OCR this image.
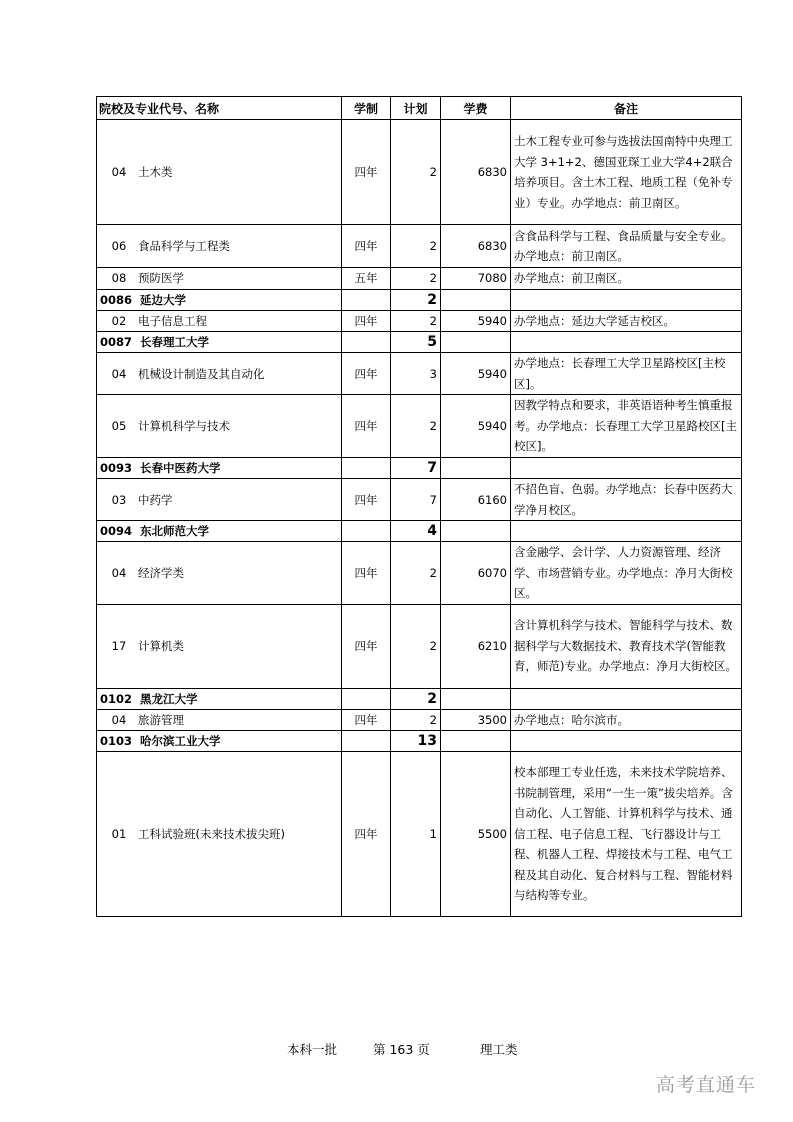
院校及专业代号、名称	学制	计划	学费	备注
04 土木类	四年	2	6830	土木工程专业可参与选拔法国南特中央理工大学 3+1+2、德国亚琛工业大学4+2联合培养项目。含土木工程、地质工程（免补专业）专业。办学地点：前卫南区。
06 食品科学与工程类	四年	2	6830	含食品科学与工程、食品质量与安全专业。办学地点：前卫南区。
08 预防医学	五年	2	7080	办学地点：前卫南区。
0086 延边大学		2		
02 电子信息工程	四年	2	5940	办学地点：延边大学延吉校区。
0087 长春理工大学		5		
04 机械设计制造及其自动化	四年	3	5940	办学地点：长春理工大学卫星路校区[主校区]。
05 计算机科学与技术	四年	2	5940	因教学特点和要求，非英语语种考生慎重报考。办学地点：长春理工大学卫星路校区[主校区]。
0093 长春中医药大学		7		
03 中药学	四年	7	6160	不招色盲、色弱。办学地点：长春中医药大学净月校区。
0094 东北师范大学		4		
04 经济学类	四年	2	6070	含金融学、会计学、人力资源管理、经济学、市场营销专业。办学地点：净月大街校区。
17 计算机类	四年	2	6210	含计算机科学与技术、智能科学与技术、数据科学与大数据技术、教育技术学(智能教育，师范)专业。办学地点：净月大街校区。
0102 黑龙江大学		2		
04 旅游管理	四年	2	3500	办学地点：哈尔滨市。
0103 哈尔滨工业大学		13		
01 工科试验班(未来技术拔尖班)	四年	1	5500	校本部理工专业任选，未来技术学院培养、书院制管理，采用“一生一策”拔尖培养。含自动化、人工智能、计算机科学与技术、通信工程、电子信息工程、飞行器设计与工程、机器人工程、焊接技术与工程、电气工程及其自动化、复合材料与工程、智能材料与结构等专业。
本科一批	第 163 页	理工类
高考直通车
